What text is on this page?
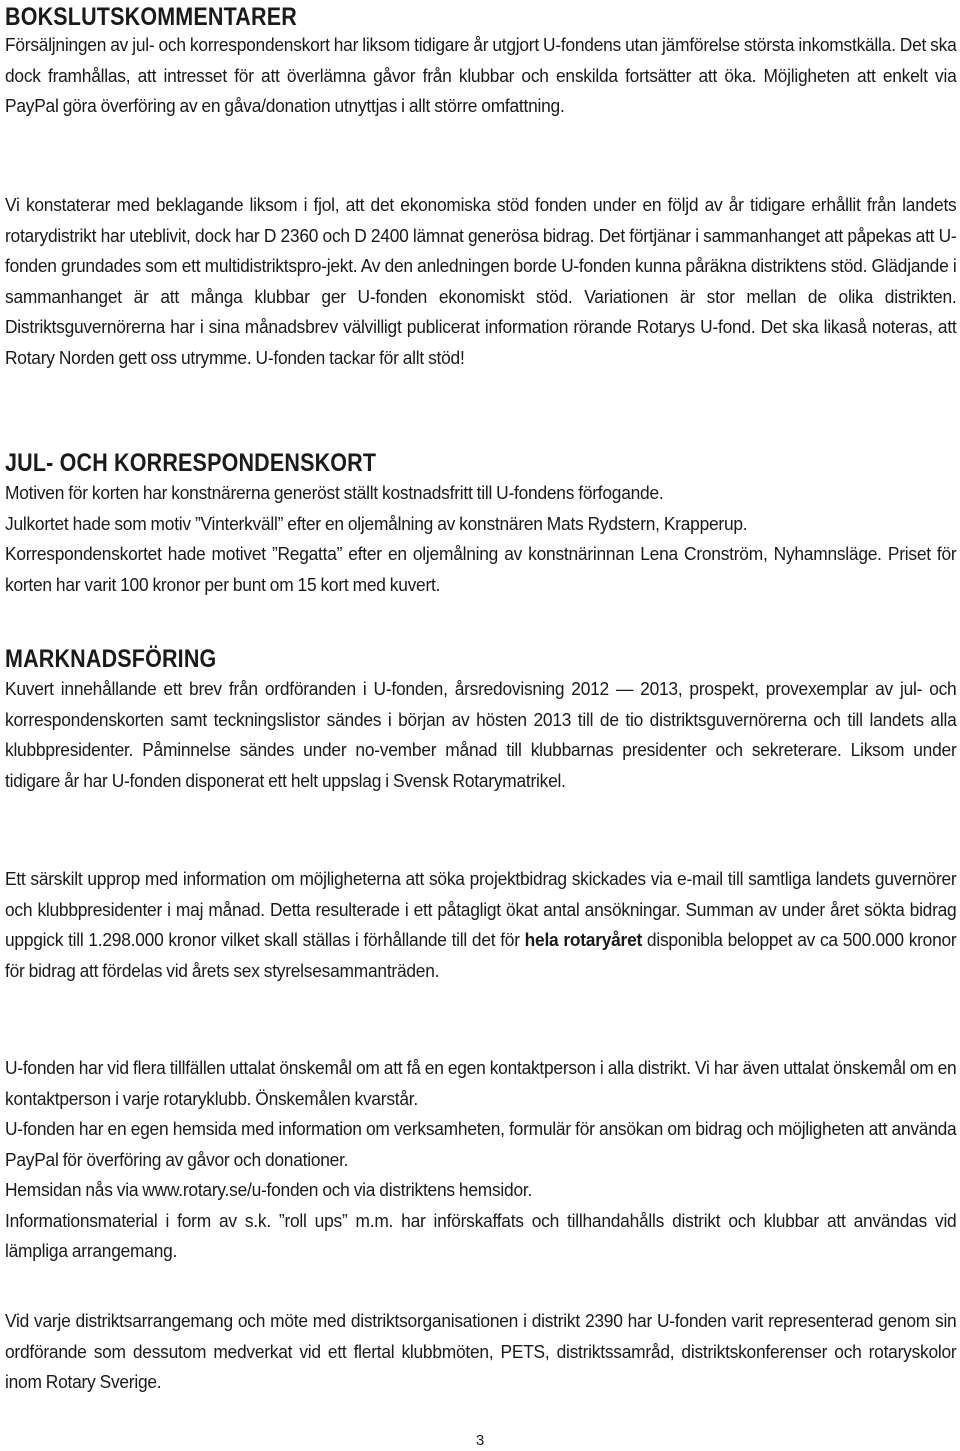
BOKSLUTSKOMMENTARER

Försäljningen av jul- och korrespondenskort har liksom tidigare år utgjort U-fondens utan jämförelse största inkomstkälla. Det ska dock framhållas, att intresset för att överlämna gåvor från klubbar och enskilda fortsätter att öka. Möjligheten att enkelt via PayPal göra överföring av en gåva/donation utnyttjas i allt större omfattning.

Vi konstaterar med beklagande liksom i fjol, att det ekonomiska stöd fonden under en följd av år tidigare erhållit från landets rotarydistrikt har uteblivit, dock har D 2360 och D 2400 lämnat generösa bidrag. Det förtjänar i sammanhanget att påpekas att U-fonden grundades som ett multidistriktspro-jekt. Av den anledningen borde U-fonden kunna påräkna distriktens stöd. Glädjande i sammanhanget är att många klubbar ger U-fonden ekonomiskt stöd. Variationen är stor mellan de olika distrikten. Distriktsguvernörerna har i sina månadsbrev välvilligt publicerat information rörande Rotarys U-fond. Det ska likaså noteras, att Rotary Norden gett oss utrymme. U-fonden tackar för allt stöd!

JUL- OCH KORRESPONDENSKORT
Motiven för korten har konstnärerna generöst ställt kostnadsfritt till U-fondens förfogande.
Julkortet hade som motiv ”Vinterkväll” efter en oljemålning av konstnären Mats Rydstern, Krapperup.
Korrespondenskortet hade motivet ”Regatta” efter en oljemålning av konstnärinnan Lena Cronström, Nyhamnsläge. Priset för korten har varit 100 kronor per bunt om 15 kort med kuvert.
MARKNADSFÖRING

Kuvert innehållande ett brev från ordföranden i U-fonden, årsredovisning 2012 — 2013, prospekt, provexemplar av jul- och korrespondenskorten samt teckningslistor sändes i början av hösten 2013 till de tio distriktsguvernörerna och till landets alla klubbpresidenter. Påminnelse sändes under no-vember månad till klubbarnas presidenter och sekreterare. Liksom under tidigare år har U-fonden disponerat ett helt uppslag i Svensk Rotarymatrikel.

Ett särskilt upprop med information om möjligheterna att söka projektbidrag skickades via e-mail till samtliga landets guvernörer och klubbpresidenter i maj månad. Detta resulterade i ett påtagligt ökat antal ansökningar. Summan av under året sökta bidrag uppgick till 1.298.000 kronor vilket skall ställas i förhållande till det för hela rotaryåret disponibla beloppet av ca 500.000 kronor för bidrag att fördelas vid årets sex styrelsesammanträden.

U-fonden har vid flera tillfällen uttalat önskemål om att få en egen kontaktperson i alla distrikt. Vi har även uttalat önskemål om en kontaktperson i varje rotaryklubb. Önskemålen kvarstår.
U-fonden har en egen hemsida med information om verksamheten, formulär för ansökan om bidrag och möjligheten att använda PayPal för överföring av gåvor och donationer.
Hemsidan nås via www.rotary.se/u-fonden och via distriktens hemsidor.
Informationsmaterial i form av s.k. ”roll ups” m.m. har införskaffats och tillhandahålls distrikt och klubbar att användas vid lämpliga arrangemang.

Vid varje distriktsarrangemang och möte med distriktsorganisationen i distrikt 2390 har U-fonden varit representerad genom sin ordförande som dessutom medverkat vid ett flertal klubbmöten, PETS, distriktssamråd, distriktskonferenser och rotaryskolor inom Rotary Sverige.

3
